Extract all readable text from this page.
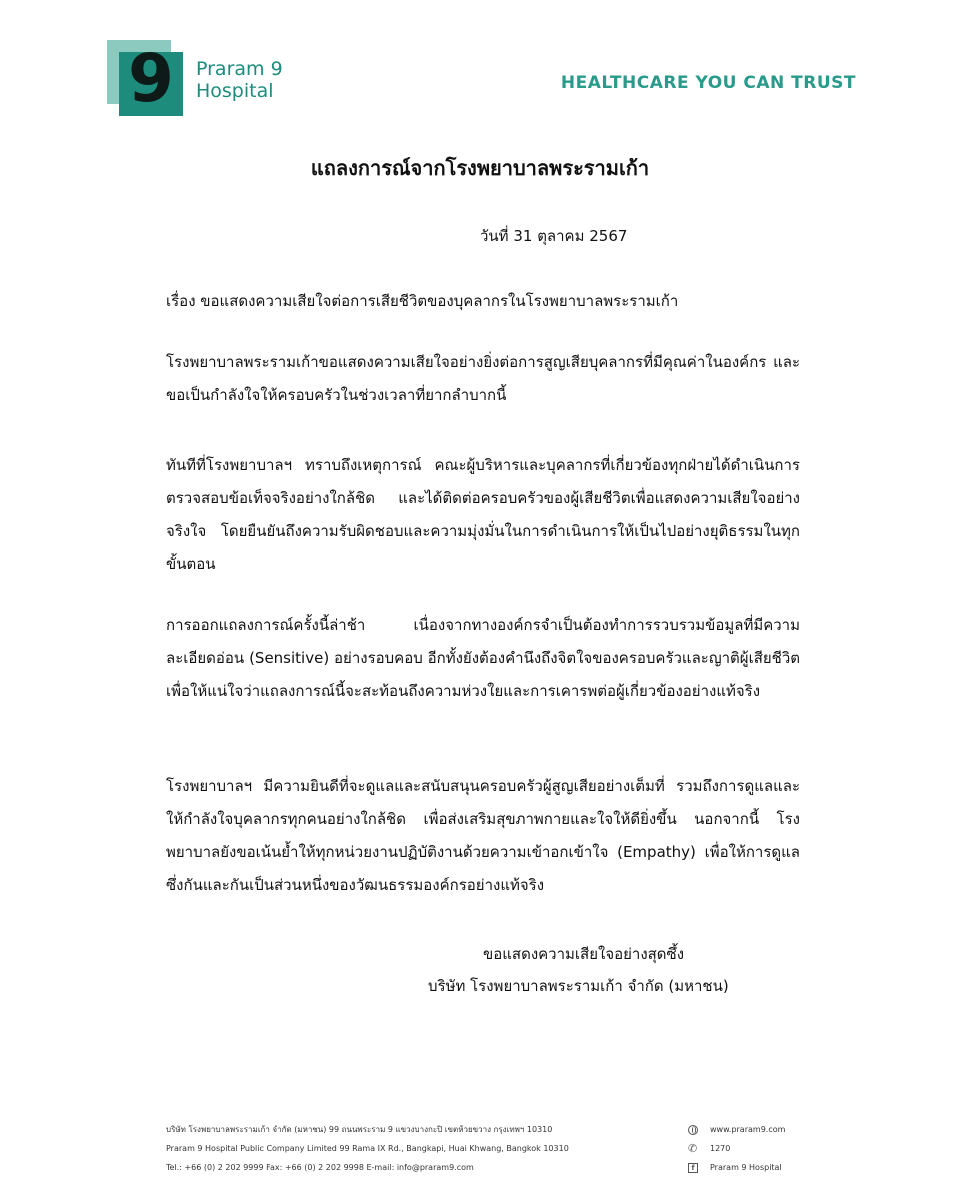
9	Praram 9
Hospital	HEALTHCARE YOU CAN TRUST
แถลงการณ์จากโรงพยาบาลพระรามเก้า
วันที่ 31 ตุลาคม 2567
เรื่อง ขอแสดงความเสียใจต่อการเสียชีวิตของบุคลากรในโรงพยาบาลพระรามเก้า
โรงพยาบาลพระรามเก้าขอแสดงความเสียใจอย่างยิ่งต่อการสูญเสียบุคลากรที่มีคุณค่าในองค์กร และขอเป็นกำลังใจให้ครอบครัวในช่วงเวลาที่ยากลำบากนี้
ทันทีที่โรงพยาบาลฯ ทราบถึงเหตุการณ์ คณะผู้บริหารและบุคลากรที่เกี่ยวข้องทุกฝ่ายได้ดำเนินการตรวจสอบข้อเท็จจริงอย่างใกล้ชิด และได้ติดต่อครอบครัวของผู้เสียชีวิตเพื่อแสดงความเสียใจอย่างจริงใจ โดยยืนยันถึงความรับผิดชอบและความมุ่งมั่นในการดำเนินการให้เป็นไปอย่างยุติธรรมในทุกขั้นตอน
การออกแถลงการณ์ครั้งนี้ล่าช้า เนื่องจากทางองค์กรจำเป็นต้องทำการรวบรวมข้อมูลที่มีความละเอียดอ่อน (Sensitive) อย่างรอบคอบ อีกทั้งยังต้องคำนึงถึงจิตใจของครอบครัวและญาติผู้เสียชีวิต เพื่อให้แน่ใจว่าแถลงการณ์นี้จะสะท้อนถึงความห่วงใยและการเคารพต่อผู้เกี่ยวข้องอย่างแท้จริง
โรงพยาบาลฯ มีความยินดีที่จะดูแลและสนับสนุนครอบครัวผู้สูญเสียอย่างเต็มที่ รวมถึงการดูแลและให้กำลังใจบุคลากรทุกคนอย่างใกล้ชิด เพื่อส่งเสริมสุขภาพกายและใจให้ดียิ่งขึ้น นอกจากนี้ โรงพยาบาลยังขอเน้นย้ำให้ทุกหน่วยงานปฏิบัติงานด้วยความเข้าอกเข้าใจ (Empathy) เพื่อให้การดูแลซึ่งกันและกันเป็นส่วนหนึ่งของวัฒนธรรมองค์กรอย่างแท้จริง
ขอแสดงความเสียใจอย่างสุดซึ้ง
บริษัท โรงพยาบาลพระรามเก้า จำกัด (มหาชน)
บริษัท โรงพยาบาลพระรามเก้า จำกัด (มหาชน) 99 ถนนพระราม 9 แขวงบางกะปิ เขตห้วยขวาง กรุงเทพฯ 10310
Praram 9 Hospital Public Company Limited 99 Rama IX Rd., Bangkapi, Huai Khwang, Bangkok 10310
Tel.: +66 (0) 2 202 9999 Fax: +66 (0) 2 202 9998 E-mail: info@praram9.com
www.praram9.com
✆ 1270
f	Praram 9 Hospital
